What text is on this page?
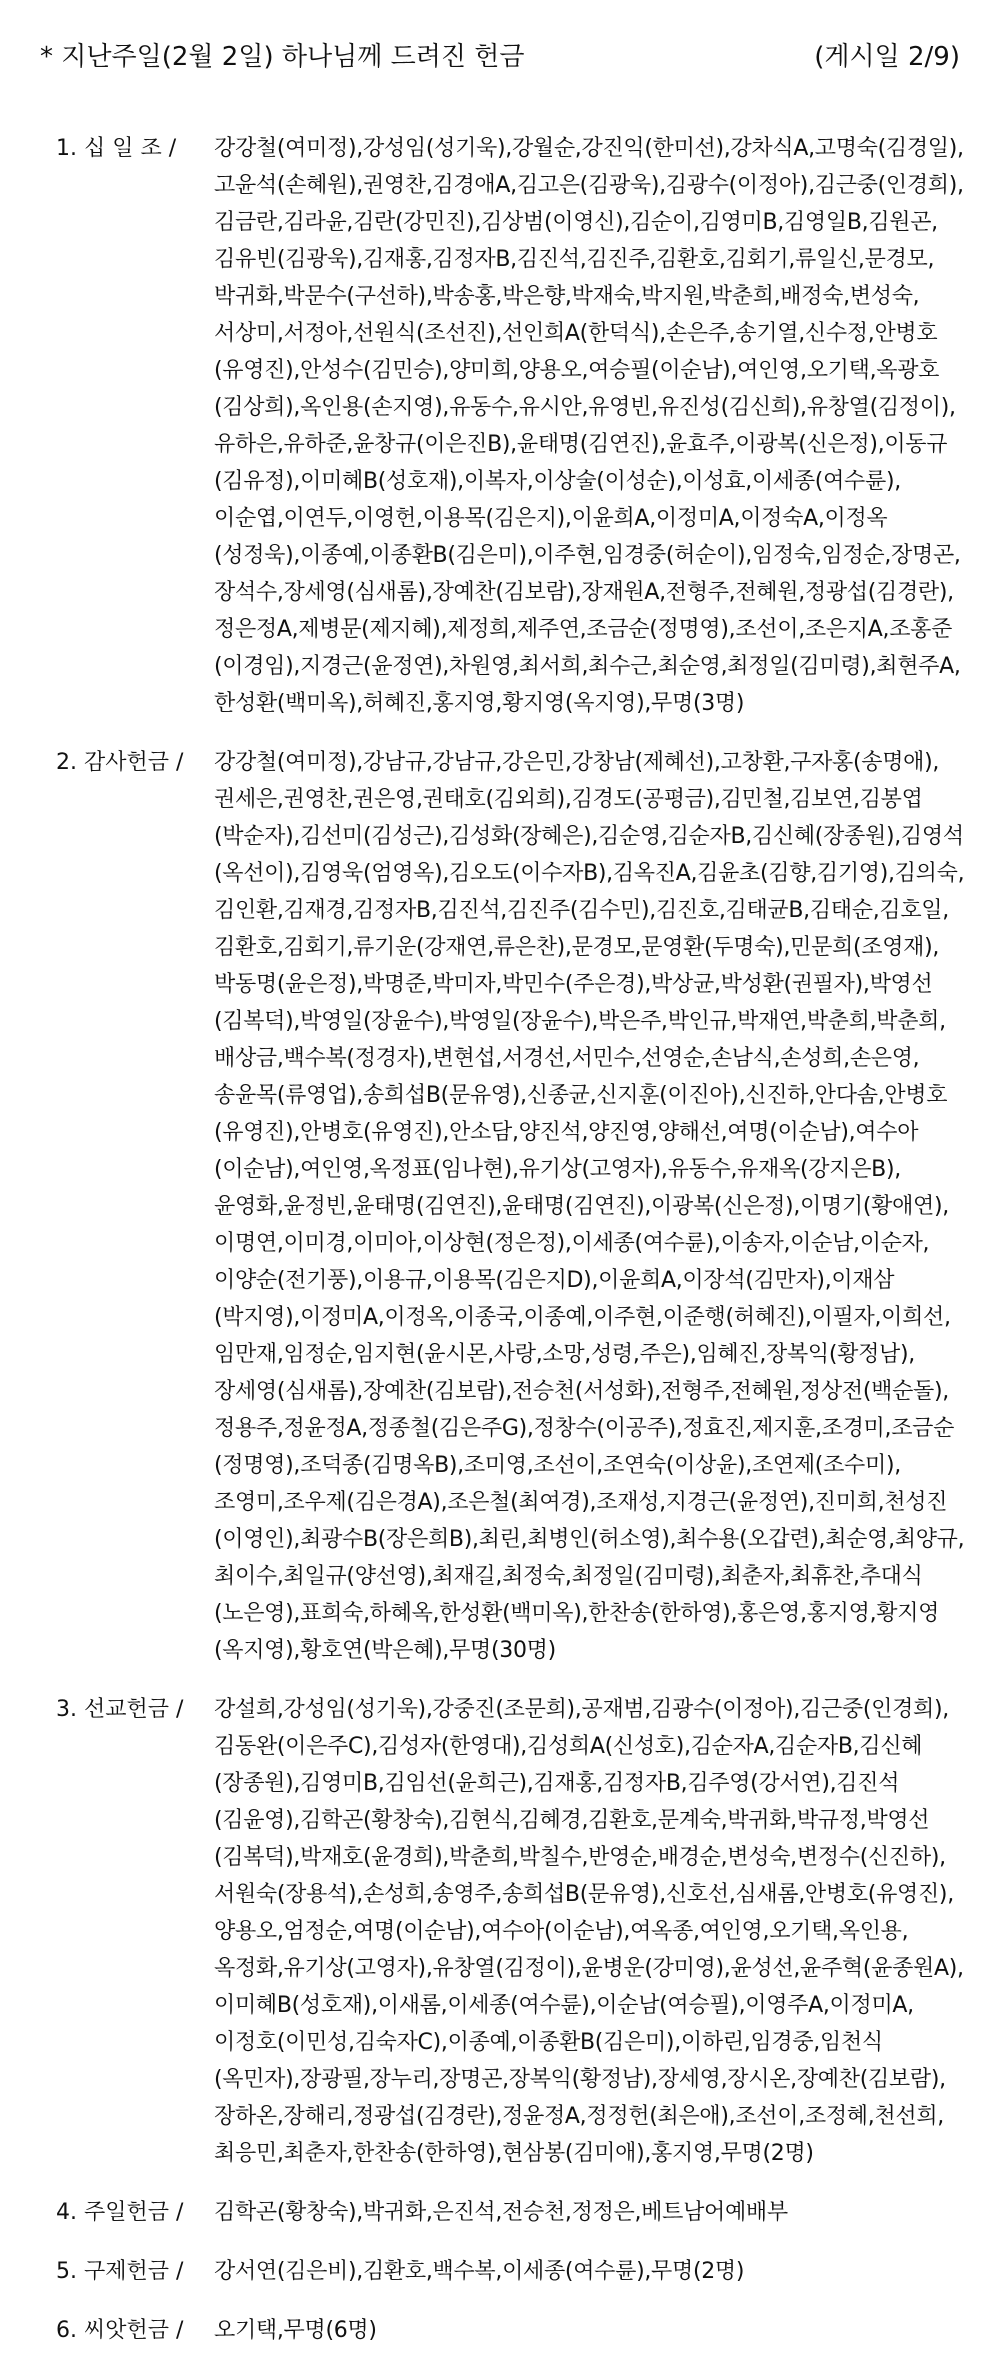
* 지난주일(2월 2일) 하나님께 드려진 헌금	(게시일 2/9)
1. 십 일 조 /	강강철(여미정),강성임(성기욱),강월순,강진익(한미선),강차식A,고명숙(김경일),고윤석(손혜원),권영찬,김경애A,김고은(김광욱),김광수(이정아),김근중(인경희),김금란,김라윤,김란(강민진),김상범(이영신),김순이,김영미B,김영일B,김원곤,김유빈(김광욱),김재홍,김정자B,김진석,김진주,김환호,김회기,류일신,문경모,박귀화,박문수(구선하),박송홍,박은향,박재숙,박지원,박춘희,배정숙,변성숙,서상미,서정아,선원식(조선진),선인희A(한덕식),손은주,송기열,신수정,안병호(유영진),안성수(김민승),양미희,양용오,여승필(이순남),여인영,오기택,옥광호(김상희),옥인용(손지영),유동수,유시안,유영빈,유진성(김신희),유창열(김정이),유하은,유하준,윤창규(이은진B),윤태명(김연진),윤효주,이광복(신은정),이동규(김유정),이미혜B(성호재),이복자,이상술(이성순),이성효,이세종(여수륜),이순엽,이연두,이영헌,이용목(김은지),이윤희A,이정미A,이정숙A,이정옥(성정욱),이종예,이종환B(김은미),이주현,임경중(허순이),임정숙,임정순,장명곤,장석수,장세영(심새롬),장예찬(김보람),장재원A,전형주,전혜원,정광섭(김경란),정은정A,제병문(제지혜),제정희,제주연,조금순(정명영),조선이,조은지A,조홍준(이경임),지경근(윤정연),차원영,최서희,최수근,최순영,최정일(김미령),최현주A,한성환(백미옥),허혜진,홍지영,황지영(옥지영),무명(3명)
2. 감사헌금 /	강강철(여미정),강남규,강남규,강은민,강창남(제혜선),고창환,구자홍(송명애),권세은,권영찬,권은영,권태호(김외희),김경도(공평금),김민철,김보연,김봉엽(박순자),김선미(김성근),김성화(장혜은),김순영,김순자B,김신혜(장종원),김영석(옥선이),김영욱(엄영옥),김오도(이수자B),김옥진A,김윤초(김향,김기영),김의숙,김인환,김재경,김정자B,김진석,김진주(김수민),김진호,김태균B,김태순,김호일,김환호,김회기,류기운(강재연,류은찬),문경모,문영환(두명숙),민문희(조영재),박동명(윤은정),박명준,박미자,박민수(주은경),박상균,박성환(권필자),박영선(김복덕),박영일(장윤수),박영일(장윤수),박은주,박인규,박재연,박춘희,박춘희,배상금,백수복(정경자),변현섭,서경선,서민수,선영순,손남식,손성희,손은영,송윤목(류영업),송희섭B(문유영),신종균,신지훈(이진아),신진하,안다솜,안병호(유영진),안병호(유영진),안소담,양진석,양진영,양해선,여명(이순남),여수아(이순남),여인영,옥정표(임나현),유기상(고영자),유동수,유재옥(강지은B),윤영화,윤정빈,윤태명(김연진),윤태명(김연진),이광복(신은정),이명기(황애연),이명연,이미경,이미아,이상현(정은정),이세종(여수륜),이송자,이순남,이순자,이양순(전기풍),이용규,이용목(김은지D),이윤희A,이장석(김만자),이재삼(박지영),이정미A,이정옥,이종국,이종예,이주현,이준행(허혜진),이필자,이희선,임만재,임정순,임지현(윤시몬,사랑,소망,성령,주은),임혜진,장복익(황정남),장세영(심새롬),장예찬(김보람),전승천(서성화),전형주,전혜원,정상전(백순돌),정용주,정윤정A,정종철(김은주G),정창수(이공주),정효진,제지훈,조경미,조금순(정명영),조덕종(김명옥B),조미영,조선이,조연숙(이상윤),조연제(조수미),조영미,조우제(김은경A),조은철(최여경),조재성,지경근(윤정연),진미희,천성진(이영인),최광수B(장은희B),최린,최병인(허소영),최수용(오갑련),최순영,최양규,최이수,최일규(양선영),최재길,최정숙,최정일(김미령),최춘자,최휴찬,추대식(노은영),표희숙,하혜옥,한성환(백미옥),한찬송(한하영),홍은영,홍지영,황지영(옥지영),황호연(박은혜),무명(30명)
3. 선교헌금 /	강설희,강성임(성기욱),강중진(조문희),공재범,김광수(이정아),김근중(인경희),김동완(이은주C),김성자(한영대),김성희A(신성호),김순자A,김순자B,김신혜(장종원),김영미B,김임선(윤희근),김재홍,김정자B,김주영(강서연),김진석(김윤영),김학곤(황창숙),김현식,김혜경,김환호,문계숙,박귀화,박규정,박영선(김복덕),박재호(윤경희),박춘희,박칠수,반영순,배경순,변성숙,변정수(신진하),서원숙(장용석),손성희,송영주,송희섭B(문유영),신호선,심새롬,안병호(유영진),양용오,엄정순,여명(이순남),여수아(이순남),여옥종,여인영,오기택,옥인용,옥정화,유기상(고영자),유창열(김정이),윤병운(강미영),윤성선,윤주혁(윤종원A),이미혜B(성호재),이새롬,이세종(여수륜),이순남(여승필),이영주A,이정미A,이정호(이민성,김숙자C),이종예,이종환B(김은미),이하린,임경중,임천식(옥민자),장광필,장누리,장명곤,장복익(황정남),장세영,장시온,장예찬(김보람),장하온,장해리,정광섭(김경란),정윤정A,정정헌(최은애),조선이,조정혜,천선희,최응민,최춘자,한찬송(한하영),현삼봉(김미애),홍지영,무명(2명)
4. 주일헌금 /	김학곤(황창숙),박귀화,은진석,전승천,정정은,베트남어예배부
5. 구제헌금 /	강서연(김은비),김환호,백수복,이세종(여수륜),무명(2명)
6. 씨앗헌금 /	오기택,무명(6명)
